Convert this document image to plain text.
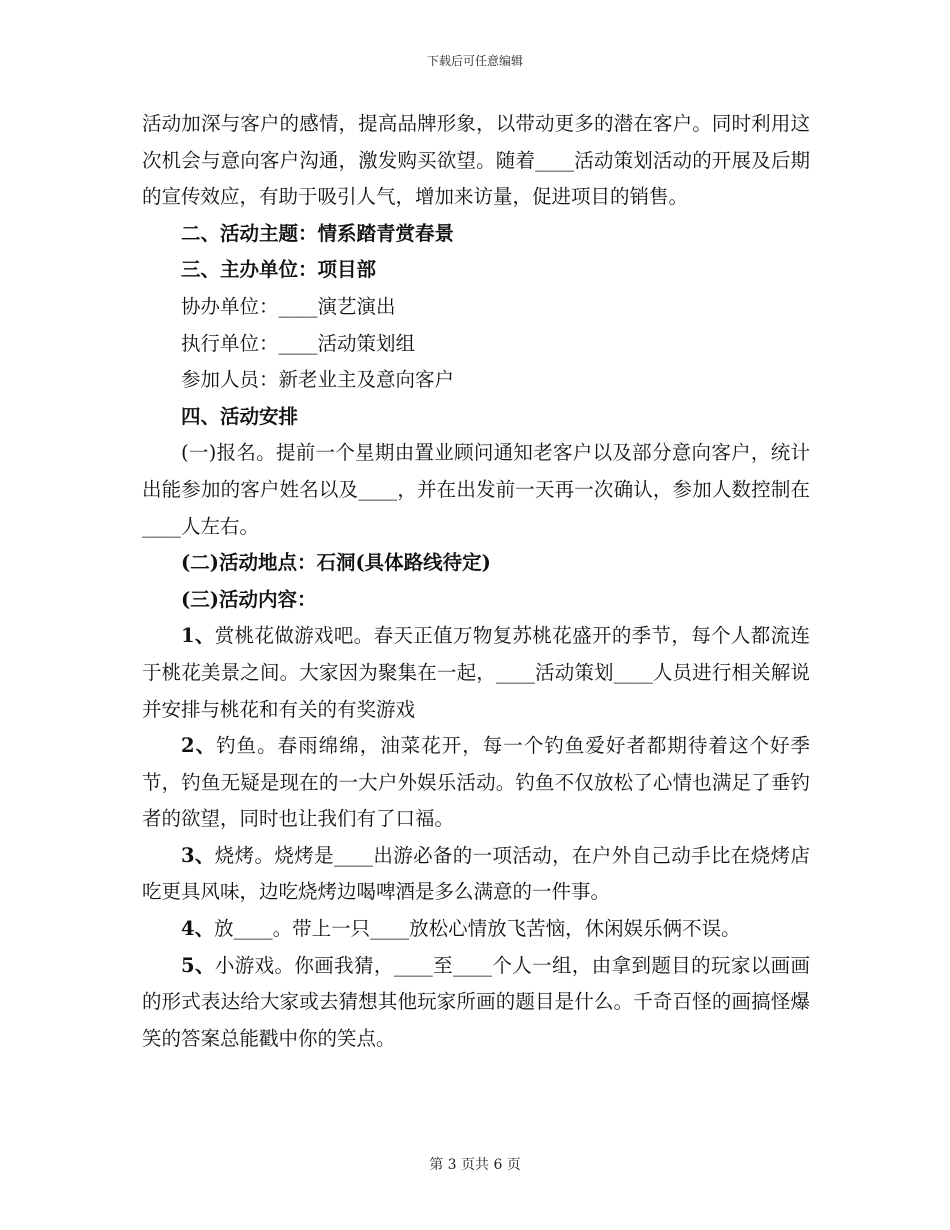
下载后可任意编辑

活动加深与客户的感情，提高品牌形象，以带动更多的潜在客户。同时利用这次机会与意向客户沟通，激发购买欲望。随着____活动策划活动的开展及后期的宣传效应，有助于吸引人气，增加来访量，促进项目的销售。

二、活动主题：情系踏青赏春景

三、主办单位：项目部

协办单位：____演艺演出

执行单位：____活动策划组

参加人员：新老业主及意向客户

四、活动安排

(一)报名。提前一个星期由置业顾问通知老客户以及部分意向客户，统计出能参加的客户姓名以及____，并在出发前一天再一次确认，参加人数控制在____人左右。

(二)活动地点：石洞(具体路线待定)

(三)活动内容：

1、赏桃花做游戏吧。春天正值万物复苏桃花盛开的季节，每个人都流连于桃花美景之间。大家因为聚集在一起，____活动策划____人员进行相关解说并安排与桃花和有关的有奖游戏

2、钓鱼。春雨绵绵，油菜花开，每一个钓鱼爱好者都期待着这个好季节，钓鱼无疑是现在的一大户外娱乐活动。钓鱼不仅放松了心情也满足了垂钓者的欲望，同时也让我们有了口福。

3、烧烤。烧烤是____出游必备的一项活动，在户外自己动手比在烧烤店吃更具风味，边吃烧烤边喝啤酒是多么满意的一件事。

4、放____。带上一只____放松心情放飞苦恼，休闲娱乐俩不误。

5、小游戏。你画我猜，____至____个人一组，由拿到题目的玩家以画画的形式表达给大家或去猜想其他玩家所画的题目是什么。千奇百怪的画搞怪爆笑的答案总能戳中你的笑点。

第 3 页共 6 页
